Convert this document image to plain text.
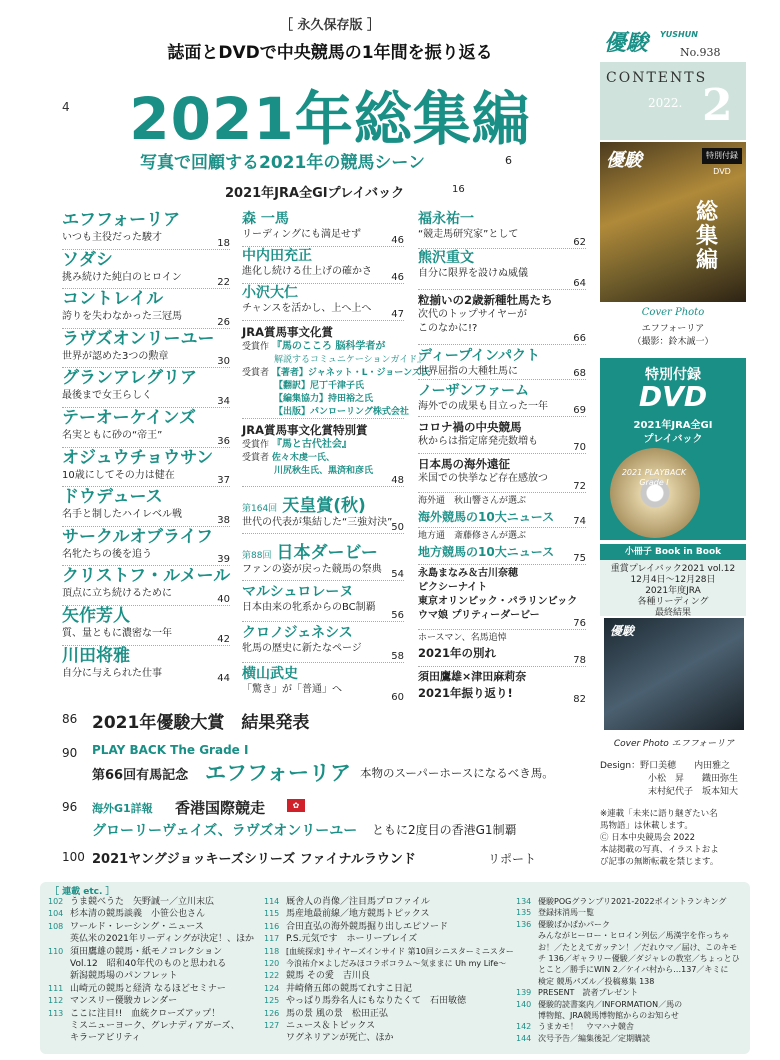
［ 永久保存版 ］
誌面とDVDで中央競馬の1年間を振り返る
4	2021年総集編
写真で回顧する2021年の競馬シーン	6
2021年JRA全GⅠプレイバック	16
エフフォーリア
いつも主役だった駿才
18
ソダシ
挑み続けた純白のヒロイン
22
コントレイル
誇りを失わなかった三冠馬
26
ラヴズオンリーユー
世界が認めた3つの勲章
30
グランアレグリア
最後まで女王らしく
34
テーオーケインズ
名実ともに砂の“帝王”
36
オジュウチョウサン
10歳にしてその力は健在
37
ドウデュース
名手と制したハイレベル戦
38
サークルオブライフ
名牝たちの後を追う
39
クリストフ・ルメール
頂点に立ち続けるために
40
矢作芳人
質、量ともに濃密な一年
42
川田将雅
自分に与えられた仕事
44
森 一馬
リーディングにも満足せず
46
中内田充正
進化し続ける仕上げの確かさ
46
小沢大仁
チャンスを活かし、上へ上へ
47
JRA賞馬事文化賞
受賞作 『馬のこころ 脳科学者が
解説するコミュニケーションガイド』
受賞者 【著者】ジャネット・L・ジョーンズ氏
【翻訳】尼丁千津子氏
【編集協力】持田裕之氏
【出版】パンローリング株式会社
JRA賞馬事文化賞特別賞
受賞作 『馬と古代社会』
受賞者 佐々木虔一氏、
川尻秋生氏、黒済和彦氏
48
第164回 天皇賞(秋)
世代の代表が集結した“三強対決”
50
第88回 日本ダービー
ファンの姿が戻った競馬の祭典 54
マルシュロレーヌ
日本由来の牝系からのBC制覇
56
クロノジェネシス
牝馬の歴史に新たなページ
58
横山武史
「驚き」が「普通」へ
60
福永祐一
“競走馬研究家”として
62
熊沢重文
自分に限界を設けぬ威儀
64
粒揃いの2歳新種牡馬たち
次代のトップサイヤーが
このなかに!?
66
ディープインパクト
世界屈指の大種牡馬に	68
ノーザンファーム
海外での成果も目立った一年	69
コロナ禍の中央競馬
秋からは指定席発売数増も
70
日本馬の海外遠征
米国での快挙など存在感放つ
72
海外通　秋山響さんが選ぶ
海外競馬の10大ニュース	74
地方通　斎藤修さんが選ぶ
地方競馬の10大ニュース	75
永島まなみ＆古川奈穂
ピクシーナイト
東京オリンピック・パラリンピック
ウマ娘 プリティーダービー
76
ホースマン、名馬追悼
2021年の別れ
78
須田鷹雄×津田麻莉奈
2021年振り返り!	82
優駿 YUSHUN
No.938
CONTENTS
2022. 2
優駿
総集編
特別付録DVD
Cover Photo
エフフォーリア
（撮影：鈴木誠一）
特別付録
DVD
2021年JRA全GⅠ
プレイバック
2021 PLAYBACK Grade I
小冊子 Book in Book
重賞プレイバック2021 vol.12
12月4日〜12月28日
2021年度JRA
各種リーディング
最終結果
優駿
Cover Photo エフフォーリア
Design：野口美穂　　内田雅之
小松　昇　　鐡田弥生
末村紀代子　坂本知大
※連載「未来に語り継ぎたい名
馬物語」は休載します。
Ⓒ 日本中央競馬会 2022
本誌掲載の写真、イラストおよ
び記事の無断転載を禁じます。
86 2021年優駿大賞　結果発表
90 PLAY BACK The Grade Ⅰ
第66回有馬記念 エフフォーリア 本物のスーパーホースになるべき馬。
96 海外G1詳報 香港国際競走	✿
グローリーヴェイズ、ラヴズオンリーユー ともに2度目の香港G1制覇
100 2021ヤングジョッキーズシリーズ ファイナルラウンド	リポート
［ 連載 etc. ］
102 うま競べうた　矢野誠一／立川末広
104 杉本清の競馬談義　小笹公也さん
108 ワールド・レーシング・ニュース
英仏米の2021年リーディングが決定！、ほか
110 須田鷹雄の競馬・紙モノコレクション
Vol.12　昭和40年代のものと思われる
新潟競馬場のパンフレット
111 山崎元の競馬と経済 なるほどセミナー
112 マンスリー優駿カレンダー
113 ここに注目!!　血統クローズアップ！
ミスニューヨーク、グレナディアガーズ、
キラーアビリティ
114 厩舎人の肖像／注目馬プロファイル
115 馬産地最前線／地方競馬トピックス
116 合田直弘の海外競馬掘り出しエピソード
117 P.S.元気です　ホーリーブレイズ
118 [血統探求] サイヤーズインサイド 第10回シニスターミニスター
120 今浪祐介×よしだみほコラボコラム〜気ままに Uh my Life〜
122 競馬 その愛　吉川良
124 井崎脩五郎の競馬てれすこ日記
125 やっぱり馬券名人にもなりたくて　石田敏徳
126 馬の景 風の景　松田正弘
127 ニュース＆トピックス
ワグネリアンが死亡、ほか
134 優駿POGグランプリ2021-2022ポイントランキング
135 登録抹消馬一覧
136 優駿ぱかぱかパーク
みんながヒーロー・ヒロイン列伝／馬漢字を作っちゃ
お！／たとえてガッテン！／だれウマ／届け、このキモ
チ 136／ギャラリー優駿／ダジャレの教室／ちょっとひ
とこと／勝手にWIN 2／ケイバ村から…137／キミに
検定 競馬パズル／投稿募集 138
139 PRESENT　読者プレゼント
140 優駿的読書案内／INFORMATION／馬の
博物館、JRA競馬博物館からのお知らせ
142 うまカモ！　ウマハナ競舎
144 次号予告／編集後記／定期購読
